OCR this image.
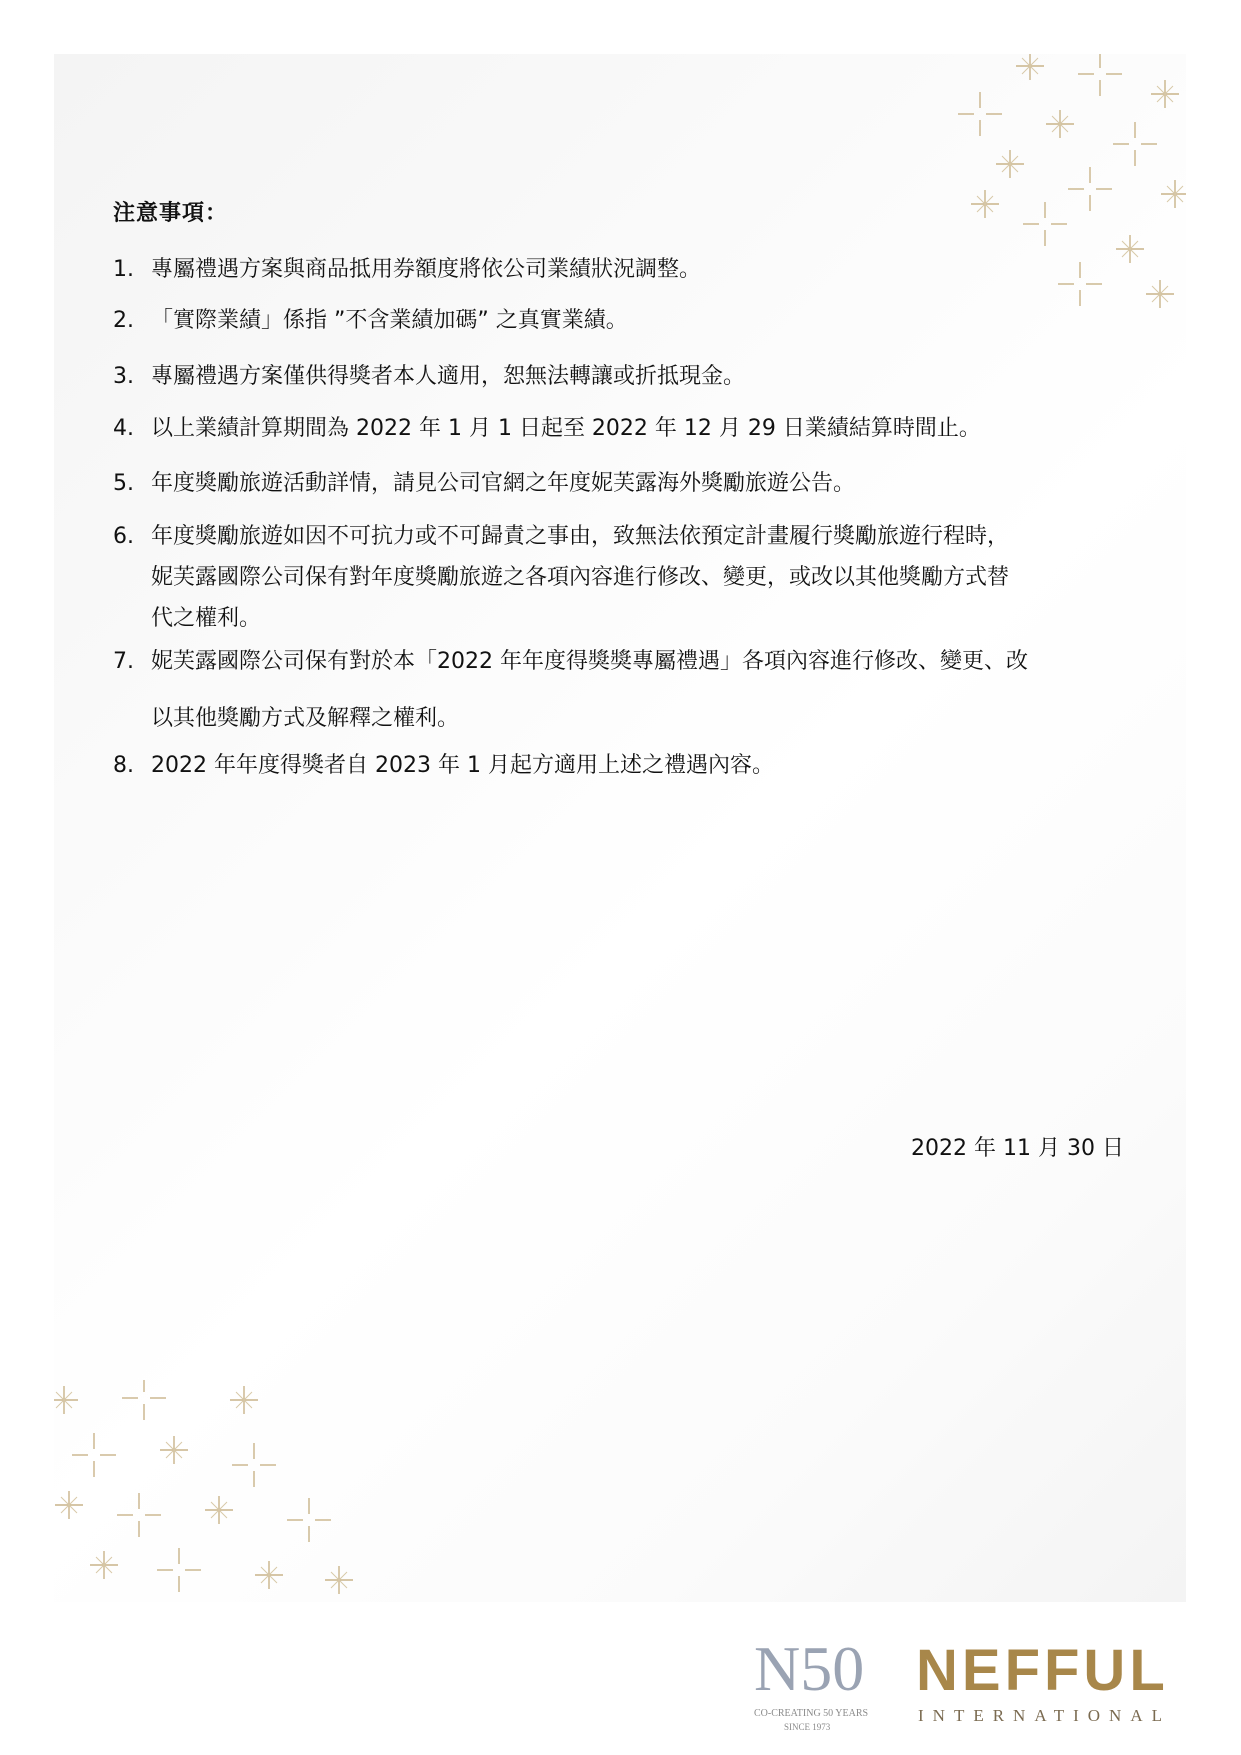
注意事項：
1. 專屬禮遇方案與商品抵用券額度將依公司業績狀況調整。
2. 「實際業績」係指 ”不含業績加碼” 之真實業績。
3. 專屬禮遇方案僅供得獎者本人適用，恕無法轉讓或折抵現金。
4. 以上業績計算期間為 2022 年 1 月 1 日起至 2022 年 12 月 29 日業績結算時間止。
5. 年度獎勵旅遊活動詳情，請見公司官網之年度妮芙露海外獎勵旅遊公告。
6. 年度獎勵旅遊如因不可抗力或不可歸責之事由，致無法依預定計畫履行獎勵旅遊行程時，
妮芙露國際公司保有對年度獎勵旅遊之各項內容進行修改、變更，或改以其他獎勵方式替
代之權利。
7. 妮芙露國際公司保有對於本「2022 年年度得獎獎專屬禮遇」各項內容進行修改、變更、改
以其他獎勵方式及解釋之權利。
8. 2022 年年度得獎者自 2023 年 1 月起方適用上述之禮遇內容。
2022 年 11 月 30 日
N50
CO-CREATING 50 YEARS
SINCE 1973
NEFFUL
INTERNATIONAL
